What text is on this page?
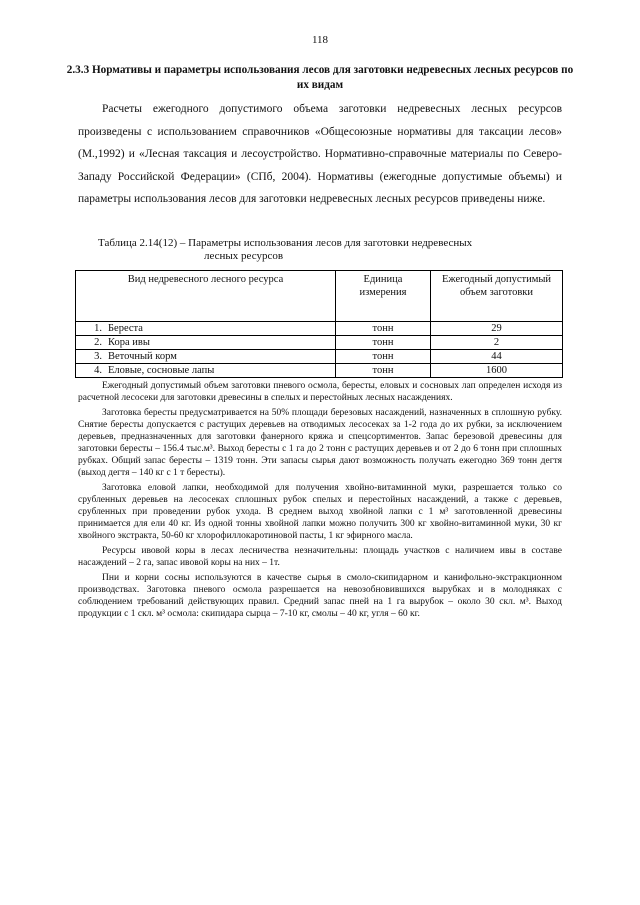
118
2.3.3 Нормативы и параметры использования лесов для заготовки недревесных лесных ресурсов по их видам

Расчеты ежегодного допустимого объема заготовки недревесных лесных ресурсов произведены с использованием справочников «Общесоюзные нормативы для таксации лесов» (М.,1992) и «Лесная таксация и лесоустройство. Нормативно-справочные материалы по Северо-Западу Российской Федерации» (СПб, 2004). Нормативы (ежегодные допустимые объемы) и параметры использования лесов для заготовки недревесных лесных ресурсов приведены ниже.

Таблица 2.14(12) – Параметры использования лесов для заготовки недревесных
лесных ресурсов
Вид недревесного лесного ресурса	Единица измерения	Ежегодный допустимый объем заготовки
1. Береста	тонн	29
2. Кора ивы	тонн	2
3. Веточный корм	тонн	44
4. Еловые, сосновые лапы	тонн	1600

Ежегодный допустимый объем заготовки пневого осмола, бересты, еловых и сосновых лап определен исходя из расчетной лесосеки для заготовки древесины в спелых и перестойных лесных насаждениях.

Заготовка бересты предусматривается на 50% площади березовых насаждений, назначенных в сплошную рубку. Снятие бересты допускается с растущих деревьев на отводимых лесосеках за 1-2 года до их рубки, за исключением деревьев, предназначенных для заготовки фанерного кряжа и спецсортиментов. Запас березовой древесины для заготовки бересты – 156.4 тыс.м³. Выход бересты с 1 га до 2 тонн с растущих деревьев и от 2 до 6 тонн при сплошных рубках. Общий запас бересты – 1319 тонн. Эти запасы сырья дают возможность получать ежегодно 369 тонн дегтя (выход дегтя – 140 кг с 1 т бересты).

Заготовка еловой лапки, необходимой для получения хвойно-витаминной муки, разрешается только со срубленных деревьев на лесосеках сплошных рубок спелых и перестойных насаждений, а также с деревьев, срубленных при проведении рубок ухода. В среднем выход хвойной лапки с 1 м³ заготовленной древесины принимается для ели 40 кг. Из одной тонны хвойной лапки можно получить 300 кг хвойно-витаминной муки, 30 кг хвойного экстракта, 50-60 кг хлорофиллокаротиновой пасты, 1 кг эфирного масла.

Ресурсы ивовой коры в лесах лесничества незначительны: площадь участков с наличием ивы в составе насаждений – 2 га, запас ивовой коры на них – 1т.

Пни и корни сосны используются в качестве сырья в смоло-скипидарном и канифольно-экстракционном производствах. Заготовка пневого осмола разрешается на невозобновившихся вырубках и в молодняках с соблюдением требований действующих правил. Средний запас пней на 1 га вырубок – около 30 скл. м³. Выход продукции с 1 скл. м³ осмола: скипидара сырца – 7-10 кг, смолы – 40 кг, угля – 60 кг.
